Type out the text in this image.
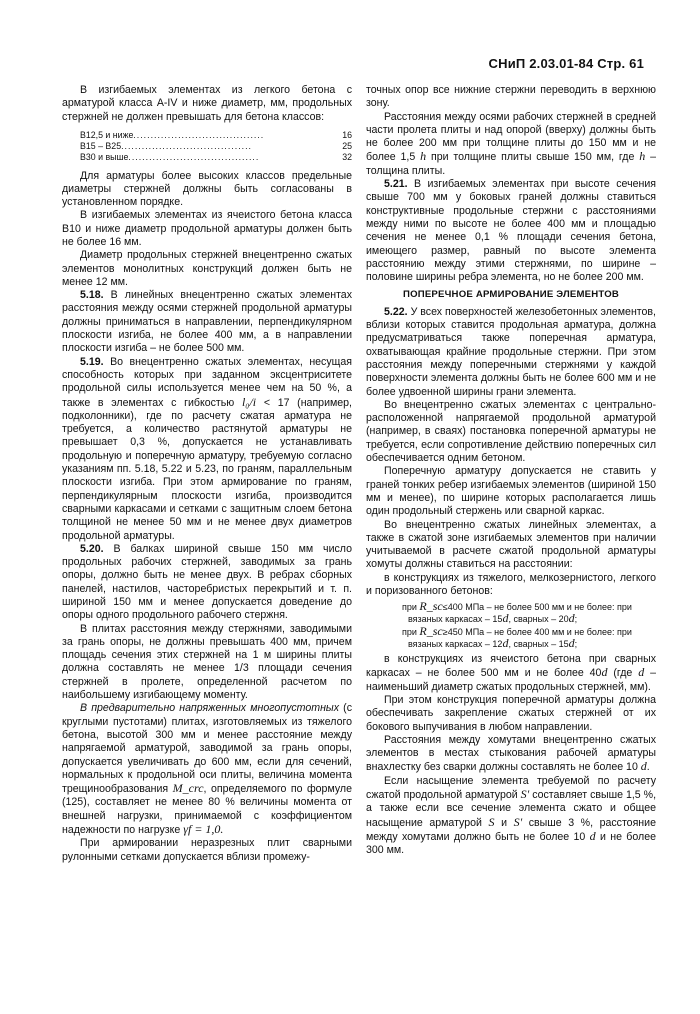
СНиП 2.03.01-84 Стр. 61

В изгибаемых элементах из легкого бетона с арматурой класса A-IV и ниже диаметр, мм, продольных стержней не должен превышать для бетона классов:

B12,5 и ниже ......................................	16
B15 – B25 ......................................	25
B30 и выше ......................................	32

Для арматуры более высоких классов предельные диаметры стержней должны быть согласованы в установленном порядке.

В изгибаемых элементах из ячеистого бетона класса B10 и ниже диаметр продольной арматуры должен быть не более 16 мм.

Диаметр продольных стержней внецентренно сжатых элементов монолитных конструкций должен быть не менее 12 мм.

5.18. В линейных внецентренно сжатых элементах расстояния между осями стержней продольной арматуры должны приниматься в направлении, перпендикулярном плоскости изгиба, не более 400 мм, а в направлении плоскости изгиба – не более 500 мм.

5.19. Во внецентренно сжатых элементах, несущая способность которых при заданном эксцентриситете продольной силы используется менее чем на 50 %, а также в элементах с гибкостью l₀/i < 17 (например, подколонники), где по расчету сжатая арматура не требуется, а количество растянутой арматуры не превышает 0,3 %, допускается не устанавливать продольную и поперечную арматуру, требуемую согласно указаниям пп. 5.18, 5.22 и 5.23, по граням, параллельным плоскости изгиба. При этом армирование по граням, перпендикулярным плоскости изгиба, производится сварными каркасами и сетками с защитным слоем бетона толщиной не менее 50 мм и не менее двух диаметров продольной арматуры.

5.20. В балках шириной свыше 150 мм число продольных рабочих стержней, заводимых за грань опоры, должно быть не менее двух. В ребрах сборных панелей, настилов, часторебристых перекрытий и т. п. шириной 150 мм и менее допускается доведение до опоры одного продольного рабочего стержня.

В плитах расстояния между стержнями, заводимыми за грань опоры, не должны превышать 400 мм, причем площадь сечения этих стержней на 1 м ширины плиты должна составлять не менее 1/3 площади сечения стержней в пролете, определенной расчетом по наибольшему изгибающему моменту.

В предварительно напряженных многопустотных (с круглыми пустотами) плитах, изготовляемых из тяжелого бетона, высотой 300 мм и менее расстояние между напрягаемой арматурой, заводимой за грань опоры, допускается увеличивать до 600 мм, если для сечений, нормальных к продольной оси плиты, величина момента трещинообразования M_crc, определяемого по формуле (125), составляет не менее 80 % величины момента от внешней нагрузки, принимаемой с коэффициентом надежности по нагрузке γf = 1,0.

При армировании неразрезных плит сварными рулонными сетками допускается вблизи промежу-

точных опор все нижние стержни переводить в верхнюю зону.

Расстояния между осями рабочих стержней в средней части пролета плиты и над опорой (вверху) должны быть не более 200 мм при толщине плиты до 150 мм и не более 1,5 h при толщине плиты свыше 150 мм, где h – толщина плиты.

5.21. В изгибаемых элементах при высоте сечения свыше 700 мм у боковых граней должны ставиться конструктивные продольные стержни с расстояниями между ними по высоте не более 400 мм и площадью сечения не менее 0,1 % площади сечения бетона, имеющего размер, равный по высоте элемента расстоянию между этими стержнями, по ширине – половине ширины ребра элемента, но не более 200 мм.

ПОПЕРЕЧНОЕ АРМИРОВАНИЕ ЭЛЕМЕНТОВ

5.22. У всех поверхностей железобетонных элементов, вблизи которых ставится продольная арматура, должна предусматриваться также поперечная арматура, охватывающая крайние продольные стержни. При этом расстояния между поперечными стержнями у каждой поверхности элемента должны быть не более 600 мм и не более удвоенной ширины грани элемента.

Во внецентренно сжатых элементах с центрально-расположенной напрягаемой продольной арматурой (например, в сваях) постановка поперечной арматуры не требуется, если сопротивление действию поперечных сил обеспечивается одним бетоном.

Поперечную арматуру допускается не ставить у граней тонких ребер изгибаемых элементов (шириной 150 мм и менее), по ширине которых располагается лишь один продольный стержень или сварной каркас.

Во внецентренно сжатых линейных элементах, а также в сжатой зоне изгибаемых элементов при наличии учитываемой в расчете сжатой продольной арматуры хомуты должны ставиться на расстоянии:

в конструкциях из тяжелого, мелкозернистого, легкого и поризованного бетонов:

при R_sc≤400 МПа – не более 500 мм и не более: при вязаных каркасах – 15d, сварных – 20d;
при R_sc≥450 МПа – не более 400 мм и не более: при вязаных каркасах – 12d, сварных – 15d;

в конструкциях из ячеистого бетона при сварных каркасах – не более 500 мм и не более 40d (где d – наименьший диаметр сжатых продольных стержней, мм).

При этом конструкция поперечной арматуры должна обеспечивать закрепление сжатых стержней от их бокового выпучивания в любом направлении.

Расстояния между хомутами внецентренно сжатых элементов в местах стыкования рабочей арматуры внахлестку без сварки должны составлять не более 10 d.

Если насыщение элемента требуемой по расчету сжатой продольной арматурой S' составляет свыше 1,5 %, а также если все сечение элемента сжато и общее насыщение арматурой S и S' свыше 3 %, расстояние между хомутами должно быть не более 10 d и не более 300 мм.
